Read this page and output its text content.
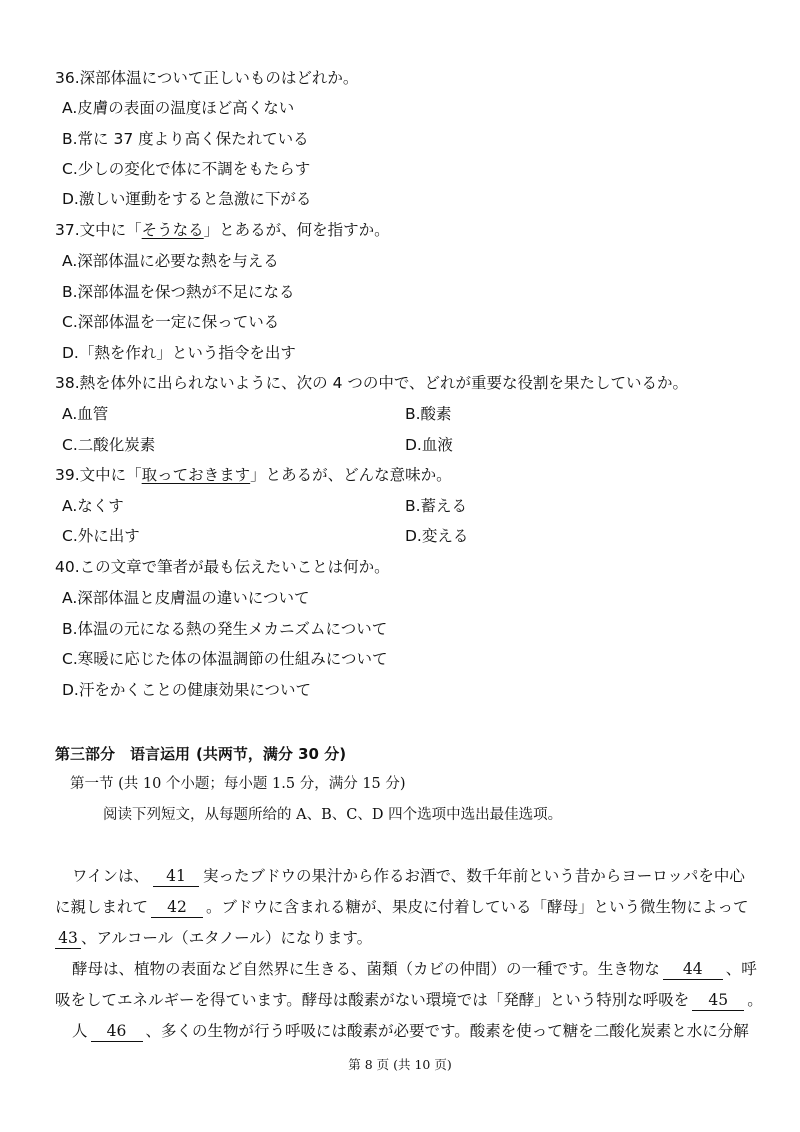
36.深部体温について正しいものはどれか。
A.皮膚の表面の温度ほど高くない
B.常に 37 度より高く保たれている
C.少しの変化で体に不調をもたらす
D.激しい運動をすると急激に下がる
37.文中に「そうなる」とあるが、何を指すか。
A.深部体温に必要な熱を与える
B.深部体温を保つ熱が不足になる
C.深部体温を一定に保っている
D.「熱を作れ」という指令を出す
38.熱を体外に出られないように、次の 4 つの中で、どれが重要な役割を果たしているか。
A.血管	B.酸素
C.二酸化炭素	D.血液
39.文中に「取っておきます」とあるが、どんな意味か。
A.なくす	B.蓄える
C.外に出す	D.変える
40.この文章で筆者が最も伝えたいことは何か。
A.深部体温と皮膚温の違いについて
B.体温の元になる熱の発生メカニズムについて
C.寒暖に応じた体の体温調節の仕組みについて
D.汗をかくことの健康効果について
第三部分　语言运用 (共两节，满分 30 分)
第一节 (共 10 个小题；每小题 1.5 分，满分 15 分)
阅读下列短文，从每题所给的 A、B、C、D 四个选项中选出最佳选项。
ワインは、 41 実ったブドウの果汁から作るお酒で、数千年前という昔からヨーロッパを中心
に親しまれて 42 。ブドウに含まれる糖が、果皮に付着している「酵母」という微生物によって
43 、アルコール（エタノール）になります。
酵母は、植物の表面など自然界に生きる、菌類（カビの仲間）の一種です。生き物な 44 、呼
吸をしてエネルギーを得ています。酵母は酸素がない環境では「発酵」という特別な呼吸を 45 。
人 46 、多くの生物が行う呼吸には酸素が必要です。酸素を使って糖を二酸化炭素と水に分解
第 8 页 (共 10 页)
